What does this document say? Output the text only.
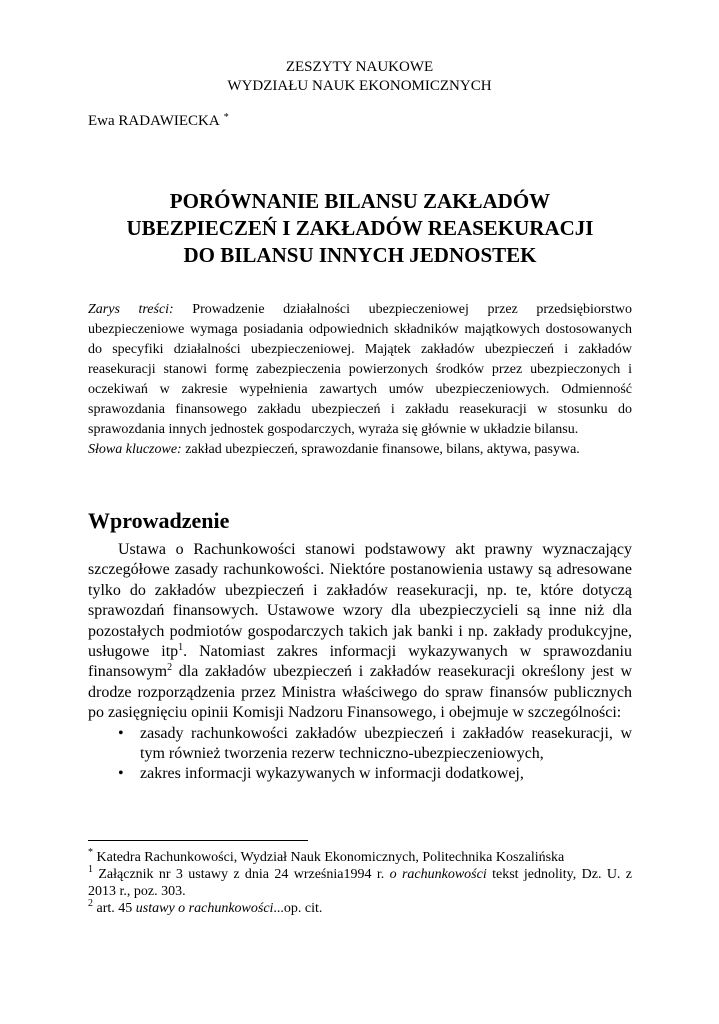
ZESZYTY NAUKOWE
WYDZIAŁU NAUK EKONOMICZNYCH
Ewa RADAWIECKA *
PORÓWNANIE BILANSU ZAKŁADÓW
UBEZPIECZEŃ I ZAKŁADÓW REASEKURACJI
DO BILANSU INNYCH JEDNOSTEK

Zarys treści: Prowadzenie działalności ubezpieczeniowej przez przedsiębiorstwo ubezpieczeniowe wymaga posiadania odpowiednich składników majątkowych dostosowanych do specyfiki działalności ubezpieczeniowej. Majątek zakładów ubezpieczeń i zakładów reasekuracji stanowi formę zabezpieczenia powierzonych środków przez ubezpieczonych i oczekiwań w zakresie wypełnienia zawartych umów ubezpieczeniowych. Odmienność sprawozdania finansowego zakładu ubezpieczeń i zakładu reasekuracji w stosunku do sprawozdania innych jednostek gospodarczych, wyraża się głównie w układzie bilansu.

Słowa kluczowe: zakład ubezpieczeń, sprawozdanie finansowe, bilans, aktywa, pasywa.

Wprowadzenie

Ustawa o Rachunkowości stanowi podstawowy akt prawny wyznaczający szczegółowe zasady rachunkowości. Niektóre postanowienia ustawy są adresowane tylko do zakładów ubezpieczeń i zakładów reasekuracji, np. te, które dotyczą sprawozdań finansowych. Ustawowe wzory dla ubezpieczycieli są inne niż dla pozostałych podmiotów gospodarczych takich jak banki i np. zakłady produkcyjne, usługowe itp$^1$. Natomiast zakres informacji wykazywanych w sprawozdaniu finansowym$^2$ dla zakładów ubezpieczeń i zakładów reasekuracji określony jest w drodze rozporządzenia przez Ministra właściwego do spraw finansów publicznych po zasięgnięciu opinii Komisji Nadzoru Finansowego, i obejmuje w szczególności:

• zasady rachunkowości zakładów ubezpieczeń i zakładów reasekuracji, w tym również tworzenia rezerw techniczno-ubezpieczeniowych,
• zakres informacji wykazywanych w informacji dodatkowej,

* Katedra Rachunkowości, Wydział Nauk Ekonomicznych, Politechnika Koszalińska

$^1$ Załącznik nr 3 ustawy z dnia 24 września1994 r. o rachunkowości tekst jednolity, Dz. U. z 2013 r., poz. 303.

$^2$ art. 45 ustawy o rachunkowości...op. cit.
